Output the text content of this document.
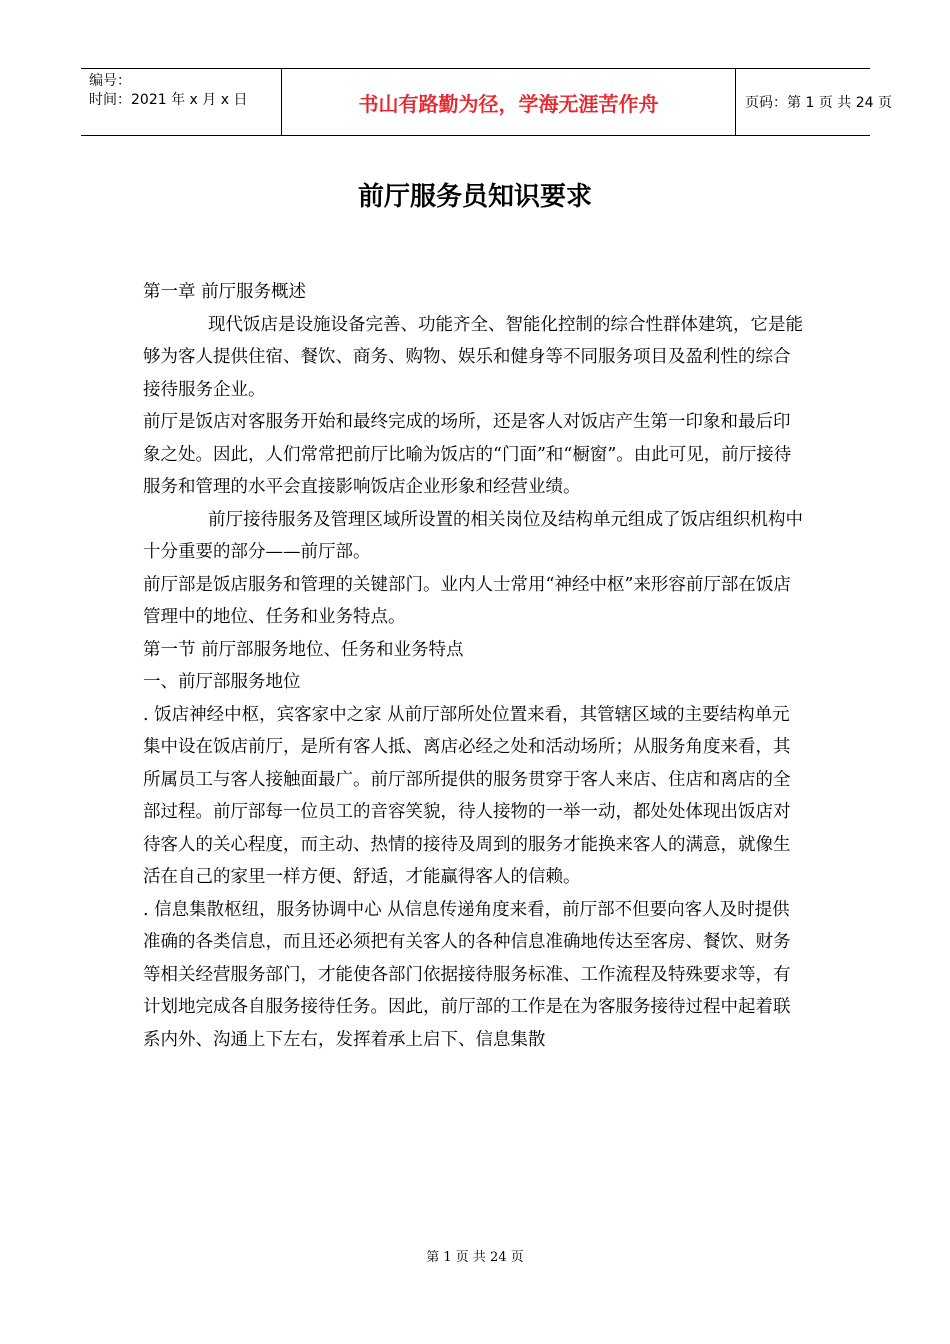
编号：
时间：2021 年 x 月 x 日	书山有路勤为径，学海无涯苦作舟	页码：第 1 页 共 24 页
前厅服务员知识要求

第一章 前厅服务概述

现代饭店是设施设备完善、功能齐全、智能化控制的综合性群体建筑，它是能够为客人提供住宿、餐饮、商务、购物、娱乐和健身等不同服务项目及盈利性的综合接待服务企业。

前厅是饭店对客服务开始和最终完成的场所，还是客人对饭店产生第一印象和最后印象之处。因此，人们常常把前厅比喻为饭店的“门面”和“橱窗”。由此可见，前厅接待服务和管理的水平会直接影响饭店企业形象和经营业绩。

前厅接待服务及管理区域所设置的相关岗位及结构单元组成了饭店组织机构中十分重要的部分——前厅部。

前厅部是饭店服务和管理的关键部门。业内人士常用“神经中枢”来形容前厅部在饭店管理中的地位、任务和业务特点。

第一节 前厅部服务地位、任务和业务特点

一、前厅部服务地位

. 饭店神经中枢，宾客家中之家 从前厅部所处位置来看，其管辖区域的主要结构单元集中设在饭店前厅，是所有客人抵、离店必经之处和活动场所；从服务角度来看，其所属员工与客人接触面最广。前厅部所提供的服务贯穿于客人来店、住店和离店的全部过程。前厅部每一位员工的音容笑貌，待人接物的一举一动，都处处体现出饭店对待客人的关心程度，而主动、热情的接待及周到的服务才能换来客人的满意，就像生活在自己的家里一样方便、舒适，才能赢得客人的信赖。

. 信息集散枢纽，服务协调中心 从信息传递角度来看，前厅部不但要向客人及时提供准确的各类信息，而且还必须把有关客人的各种信息准确地传达至客房、餐饮、财务等相关经营服务部门，才能使各部门依据接待服务标准、工作流程及特殊要求等，有计划地完成各自服务接待任务。因此，前厅部的工作是在为客服务接待过程中起着联系内外、沟通上下左右，发挥着承上启下、信息集散

第 1 页 共 24 页
